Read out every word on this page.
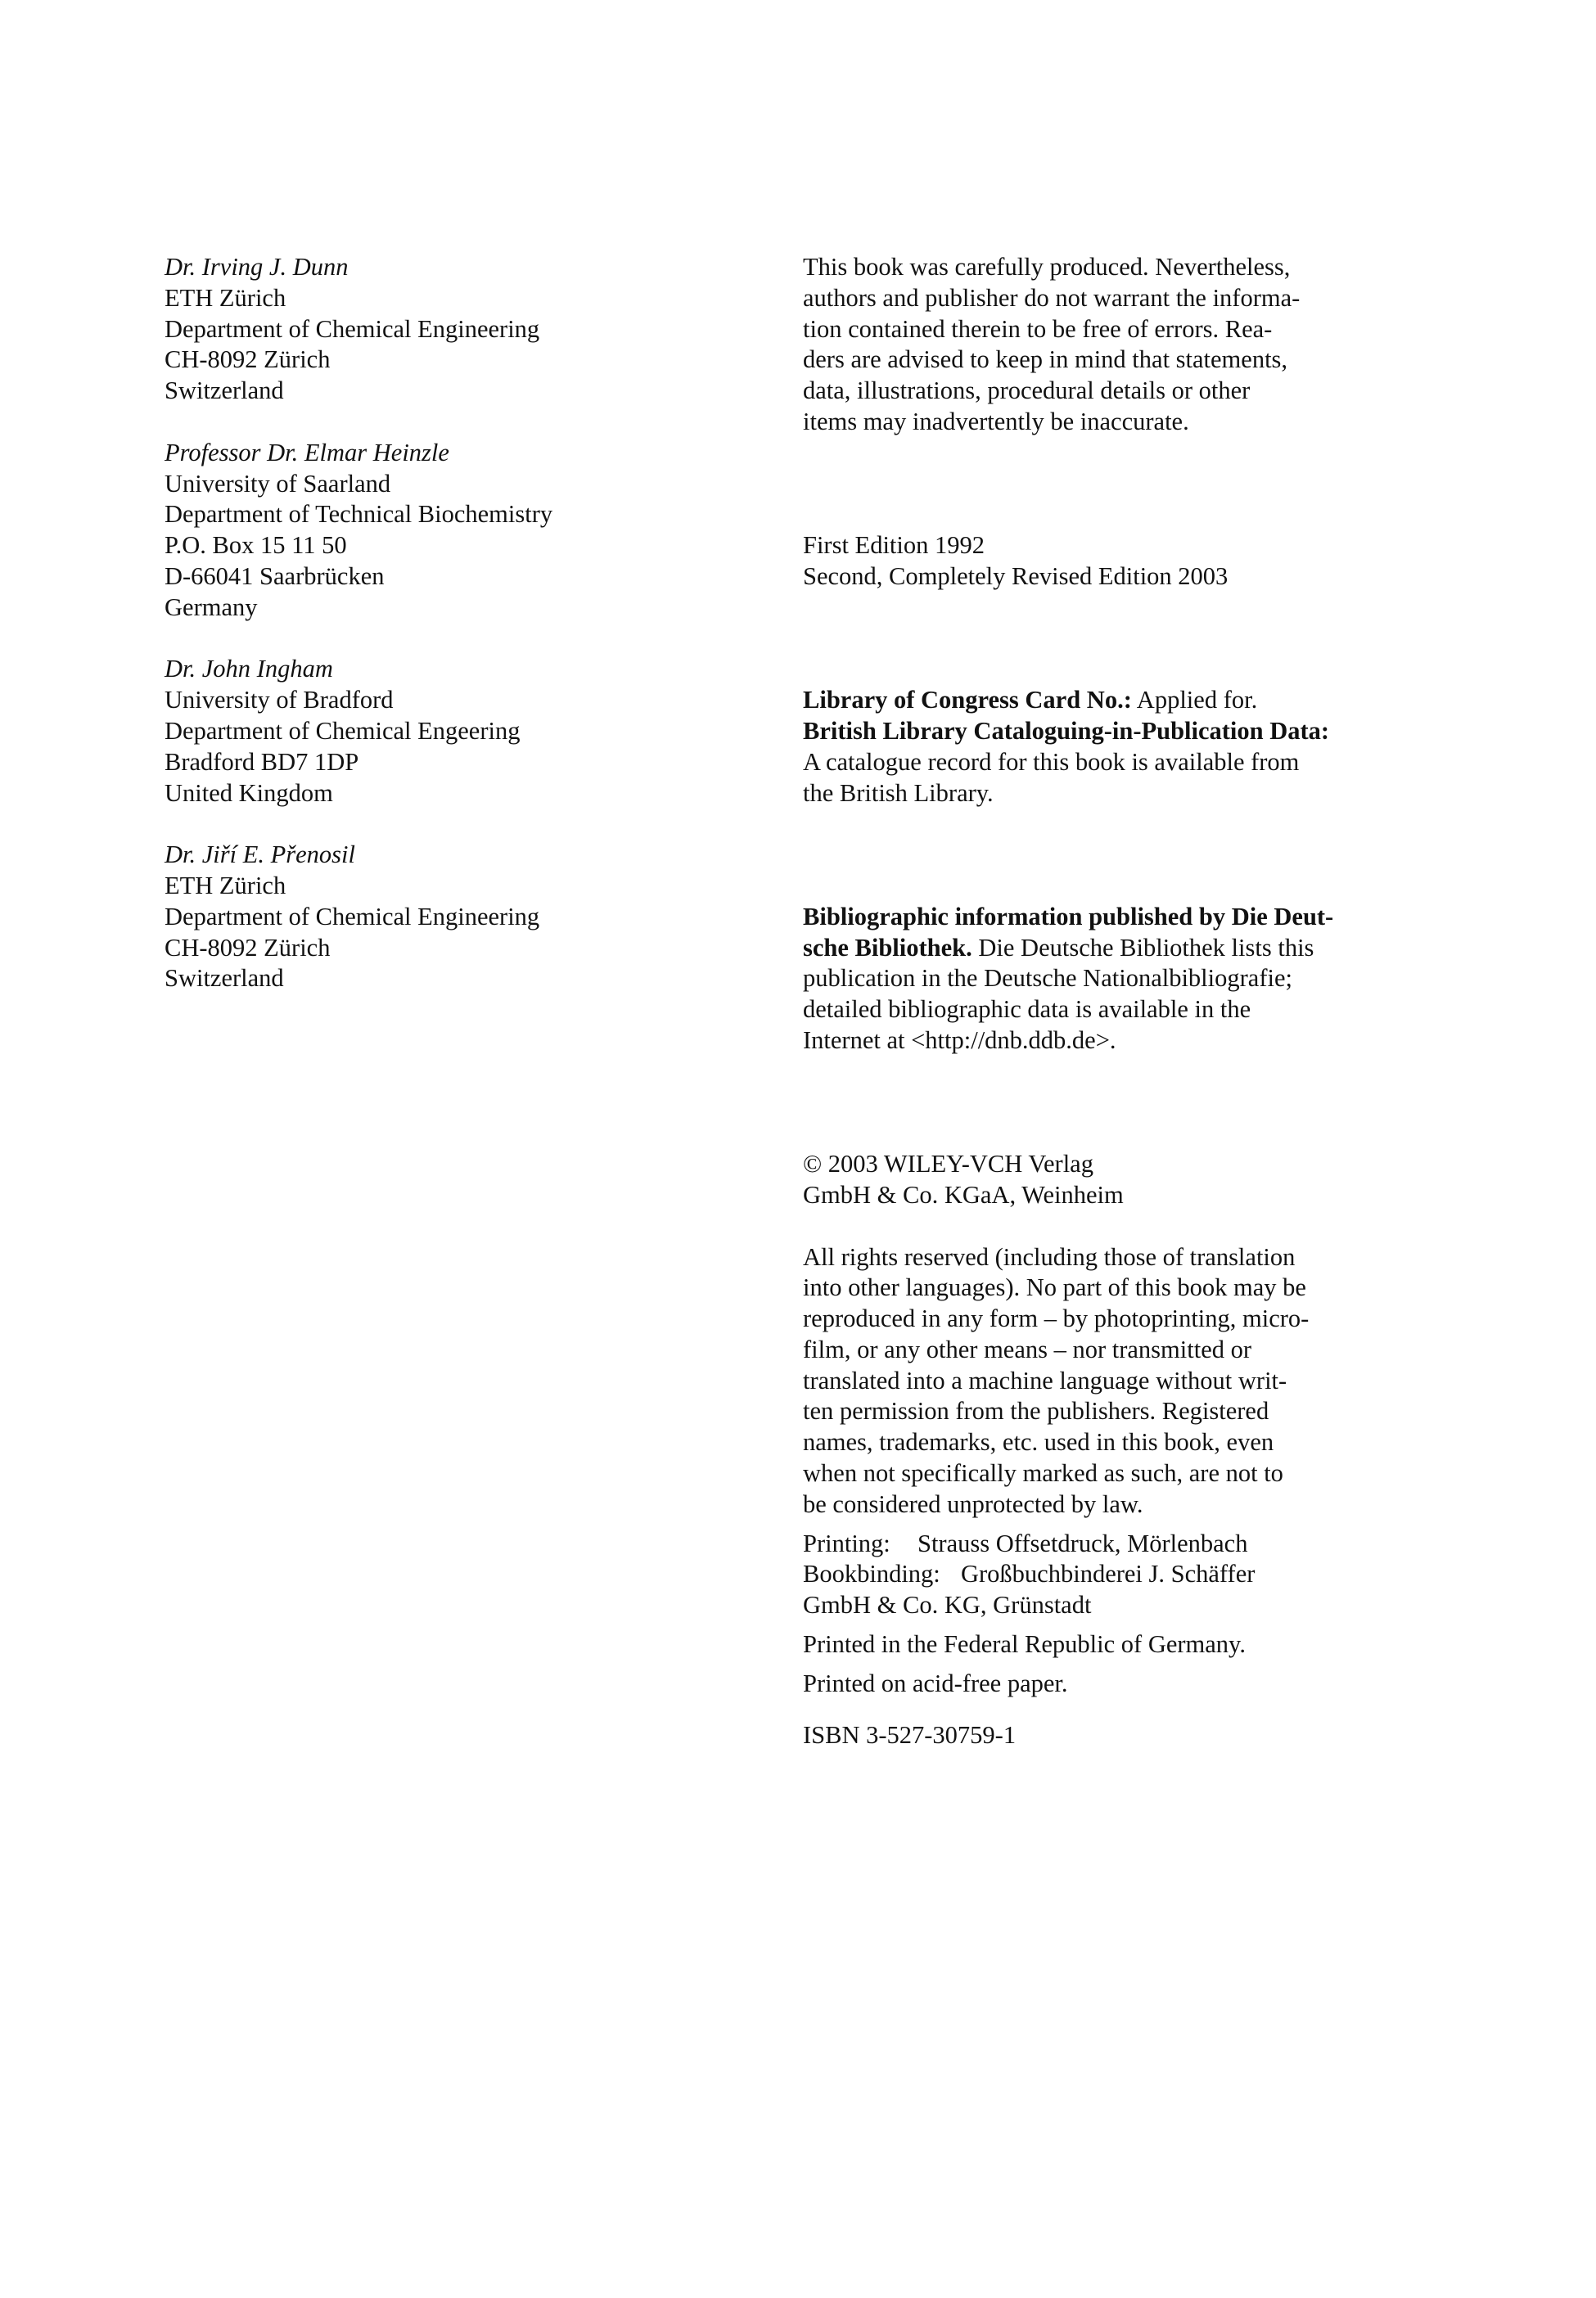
Dr. Irving J. Dunn
ETH Zürich
Department of Chemical Engineering
CH-8092 Zürich
Switzerland
Professor Dr. Elmar Heinzle
University of Saarland
Department of Technical Biochemistry
P.O. Box 15 11 50
D-66041 Saarbrücken
Germany
Dr. John Ingham
University of Bradford
Department of Chemical Engeering
Bradford BD7 1DP
United Kingdom
Dr. Jiří E. Přenosil
ETH Zürich
Department of Chemical Engineering
CH-8092 Zürich
Switzerland
This book was carefully produced. Nevertheless,
authors and publisher do not warrant the informa-
tion contained therein to be free of errors. Rea-
ders are advised to keep in mind that statements,
data, illustrations, procedural details or other
items may inadvertently be inaccurate.
First Edition 1992
Second, Completely Revised Edition 2003
Library of Congress Card No.: Applied for.
British Library Cataloguing-in-Publication Data:
A catalogue record for this book is available from
the British Library.
Bibliographic information published by Die Deut-
sche Bibliothek. Die Deutsche Bibliothek lists this
publication in the Deutsche Nationalbibliografie;
detailed bibliographic data is available in the
Internet at <http://dnb.ddb.de>.
© 2003 WILEY-VCH Verlag
GmbH & Co. KGaA, Weinheim
All rights reserved (including those of translation
into other languages). No part of this book may be
reproduced in any form – by photoprinting, micro-
film, or any other means – nor transmitted or
translated into a machine language without writ-
ten permission from the publishers. Registered
names, trademarks, etc. used in this book, even
when not specifically marked as such, are not to
be considered unprotected by law.
Printing: Strauss Offsetdruck, Mörlenbach
Bookbinding: Großbuchbinderei J. Schäffer
GmbH & Co. KG, Grünstadt
Printed in the Federal Republic of Germany.
Printed on acid-free paper.
ISBN 3-527-30759-1
